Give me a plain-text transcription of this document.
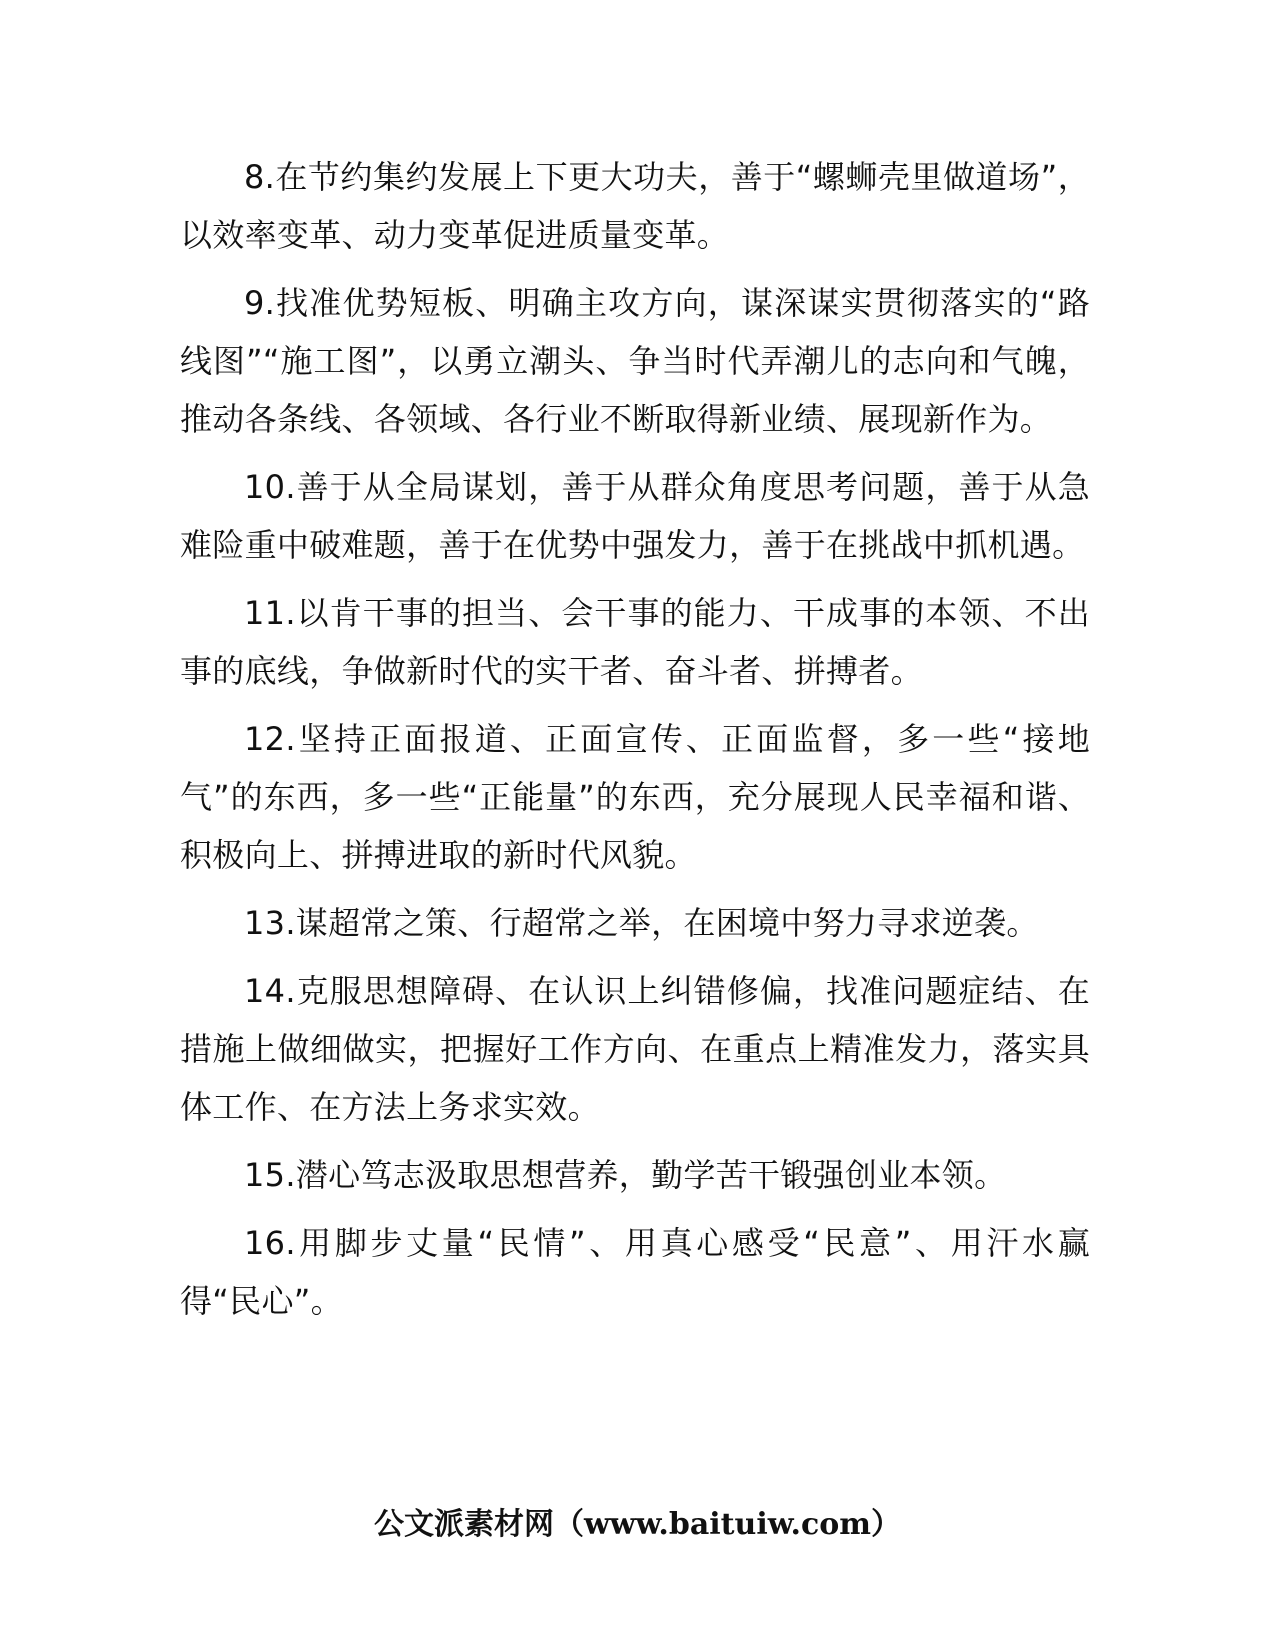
8.在节约集约发展上下更大功夫，善于“螺蛳壳里做道场”，以效率变革、动力变革促进质量变革。

9.找准优势短板、明确主攻方向，谋深谋实贯彻落实的“路线图”“施工图”，以勇立潮头、争当时代弄潮儿的志向和气魄，推动各条线、各领域、各行业不断取得新业绩、展现新作为。

10.善于从全局谋划，善于从群众角度思考问题，善于从急难险重中破难题，善于在优势中强发力，善于在挑战中抓机遇。

11.以肯干事的担当、会干事的能力、干成事的本领、不出事的底线，争做新时代的实干者、奋斗者、拼搏者。

12.坚持正面报道、正面宣传、正面监督，多一些“接地气”的东西，多一些“正能量”的东西，充分展现人民幸福和谐、积极向上、拼搏进取的新时代风貌。

13.谋超常之策、行超常之举，在困境中努力寻求逆袭。

14.克服思想障碍、在认识上纠错修偏，找准问题症结、在措施上做细做实，把握好工作方向、在重点上精准发力，落实具体工作、在方法上务求实效。

15.潜心笃志汲取思想营养，勤学苦干锻强创业本领。

16.用脚步丈量“民情”、用真心感受“民意”、用汗水赢得“民心”。

公文派素材网（www.baituiw.com）
